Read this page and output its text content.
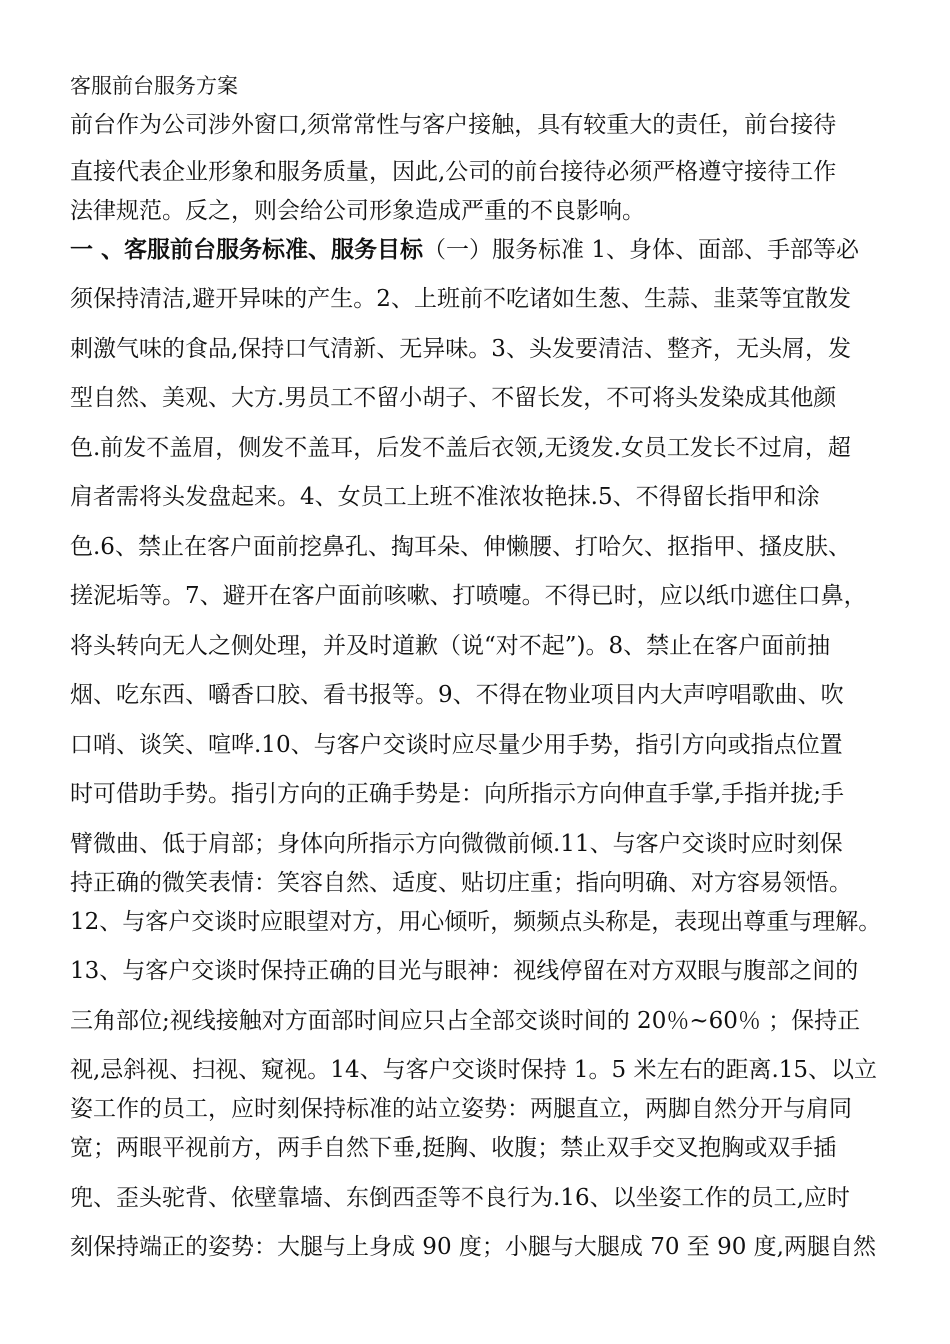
客服前台服务方案
前台作为公司涉外窗口,须常常性与客户接触，具有较重大的责任，前台接待
直接代表企业形象和服务质量，因此,公司的前台接待必须严格遵守接待工作
法律规范。反之，则会给公司形象造成严重的不良影响。
一 、客服前台服务标准、服务目标（一）服务标准 1、身体、面部、手部等必
须保持清洁,避开异味的产生。2、上班前不吃诸如生葱、生蒜、韭菜等宜散发
刺激气味的食品,保持口气清新、无异味。3、头发要清洁、整齐，无头屑，发
型自然、美观、大方.男员工不留小胡子、不留长发，不可将头发染成其他颜
色.前发不盖眉，侧发不盖耳，后发不盖后衣领,无烫发.女员工发长不过肩，超
肩者需将头发盘起来。4、女员工上班不准浓妆艳抹.5、不得留长指甲和涂
色.6、禁止在客户面前挖鼻孔、掏耳朵、伸懒腰、打哈欠、抠指甲、搔皮肤、
搓泥垢等。7、避开在客户面前咳嗽、打喷嚏。不得已时，应以纸巾遮住口鼻，
将头转向无人之侧处理，并及时道歉（说“对不起”)。8、禁止在客户面前抽
烟、吃东西、嚼香口胶、看书报等。9、不得在物业项目内大声哼唱歌曲、吹
口哨、谈笑、喧哗.10、与客户交谈时应尽量少用手势，指引方向或指点位置
时可借助手势。指引方向的正确手势是：向所指示方向伸直手掌,手指并拢;手
臂微曲、低于肩部；身体向所指示方向微微前倾.11、与客户交谈时应时刻保
持正确的微笑表情：笑容自然、适度、贴切庄重；指向明确、对方容易领悟。
12、与客户交谈时应眼望对方，用心倾听，频频点头称是，表现出尊重与理解。
13、与客户交谈时保持正确的目光与眼神：视线停留在对方双眼与腹部之间的
三角部位;视线接触对方面部时间应只占全部交谈时间的 20％~60％ ；保持正
视,忌斜视、扫视、窥视。14、与客户交谈时保持 1。5 米左右的距离.15、以立
姿工作的员工，应时刻保持标准的站立姿势：两腿直立，两脚自然分开与肩同
宽；两眼平视前方，两手自然下垂,挺胸、收腹；禁止双手交叉抱胸或双手插
兜、歪头驼背、依壁靠墙、东倒西歪等不良行为.16、以坐姿工作的员工,应时
刻保持端正的姿势：大腿与上身成 90 度；小腿与大腿成 70 至 90 度,两腿自然
